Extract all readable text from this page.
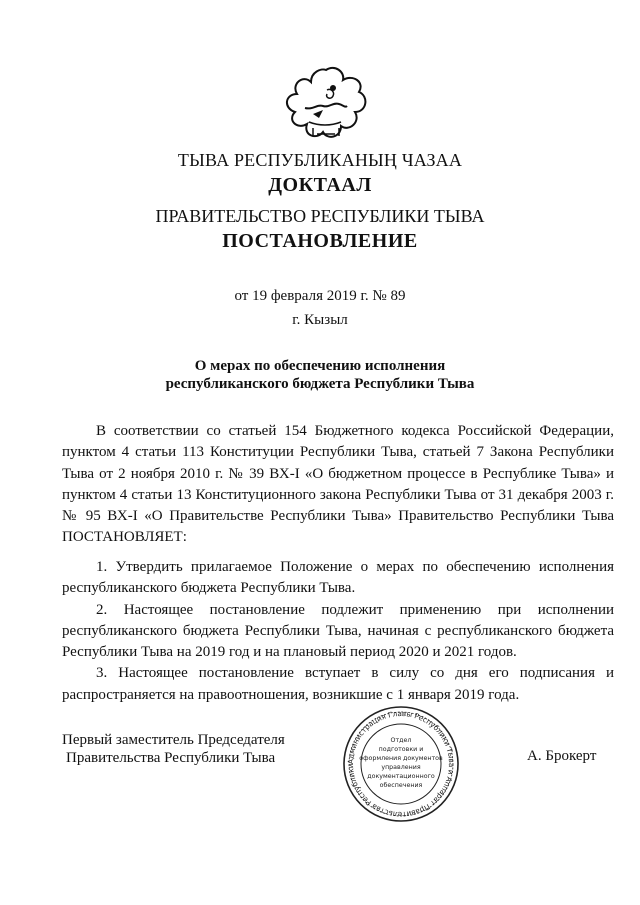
ТЫВА РЕСПУБЛИКАНЫҢ ЧАЗАА
ДОКТААЛ
ПРАВИТЕЛЬСТВО РЕСПУБЛИКИ ТЫВА
ПОСТАНОВЛЕНИЕ
от 19 февраля 2019 г. № 89
г. Кызыл
О мерах по обеспечению исполнения
республиканского бюджета Республики Тыва

В соответствии со статьей 154 Бюджетного кодекса Российской Федерации, пунктом 4 статьи 113 Конституции Республики Тыва, статьей 7 Закона Республики Тыва от 2 ноября 2010 г. № 39 ВХ-I «О бюджетном процессе в Республике Тыва» и пунктом 4 статьи 13 Конституционного закона Республики Тыва от 31 декабря 2003 г. № 95 ВХ-I «О Правительстве Республики Тыва» Правительство Республики Тыва ПОСТАНОВЛЯЕТ:

1. Утвердить прилагаемое Положение о мерах по обеспечению исполнения республиканского бюджета Республики Тыва.

2. Настоящее постановление подлежит применению при исполнении республиканского бюджета Республики Тыва, начиная с республиканского бюджета Республики Тыва на 2019 год и на плановый период 2020 и 2021 годов.

3. Настоящее постановление вступает в силу со дня его подписания и распространяется на правоотношения, возникшие с 1 января 2019 года.

Первый заместитель Председателя
Правительства Республики Тыва	А. Брокерт
Администрация Главы Республики Тыва и Аппарат Правительства Республики
Отдел
подготовки и
оформления документов
управления
документационного
обеспечения
